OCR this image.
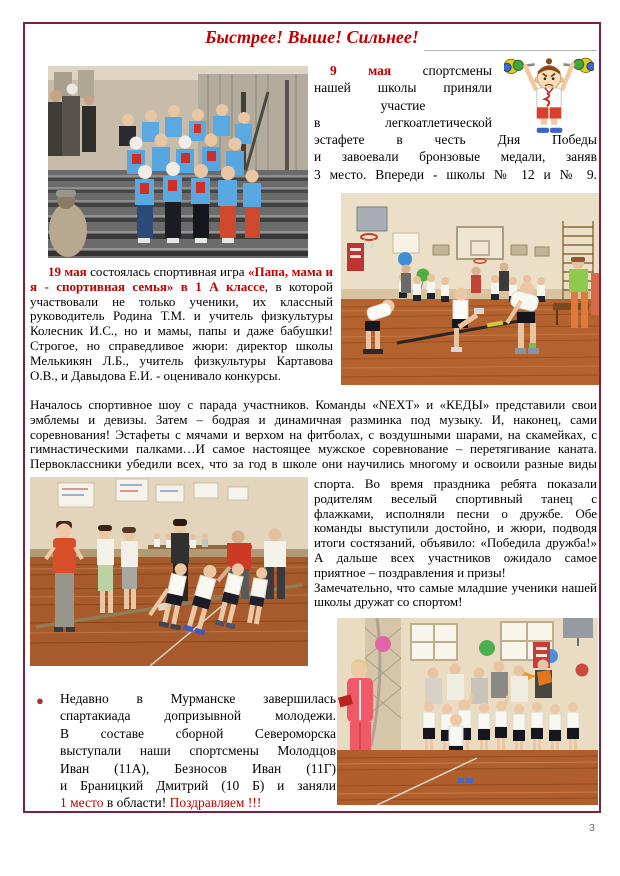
Быстрее! Выше! Сильнее!
9 мая спортсмены
нашей школы приняли
участие
в легкоатлетической
эстафете в честь Дня Победы
и завоевали бронзовые медали, заняв
3 место. Впереди - школы № 12 и № 9.

19 мая состоялась спортивная игра «Папа, мама и я - спортивная семья» в 1 А классе, в которой участвовали не только ученики, их классный руководитель Родина Т.М. и учитель физкультуры Колесник И.С., но и мамы, папы и даже бабушки! Строгое, но справедливое жюри: директор школы Мелькикян Л.Б., учитель физкультуры Картавова О.В., и Давыдова Е.И. - оценивало конкурсы.

Началось спортивное шоу с парада участников. Команды «NEXT» и «КЕДЫ» представили свои эмблемы и девизы. Затем – бодрая и динамичная разминка под музыку. И, наконец, сами соревнования! Эстафеты с мячами и верхом на фитболах, с воздушными шарами, на скамейках, с гимнастическими палками…И самое настоящее мужское соревнование – перетягивание каната. Первоклассники убедили всех, что за год в школе они научились многому и освоили разные виды

спорта. Во время праздника ребята показали родителям веселый спортивный танец с флажками, исполняли песни о дружбе. Обе команды выступили достойно, и жюри, подводя итоги состязаний, объявило: «Победила дружба!» А дальше всех участников ожидало самое приятное – поздравления и призы!

Замечательно, что самые младшие ученики нашей школы дружат со спортом!

● Недавно в Мурманске завершилась
спартакиада допризывной молодежи.
В составе сборной Североморска
выступали наши спортсмены Молодцов
Иван (11А), Безносов Иван (11Г)
и Браницкий Дмитрий (10 Б) и заняли
1 место в области! Поздравляем !!!
3
